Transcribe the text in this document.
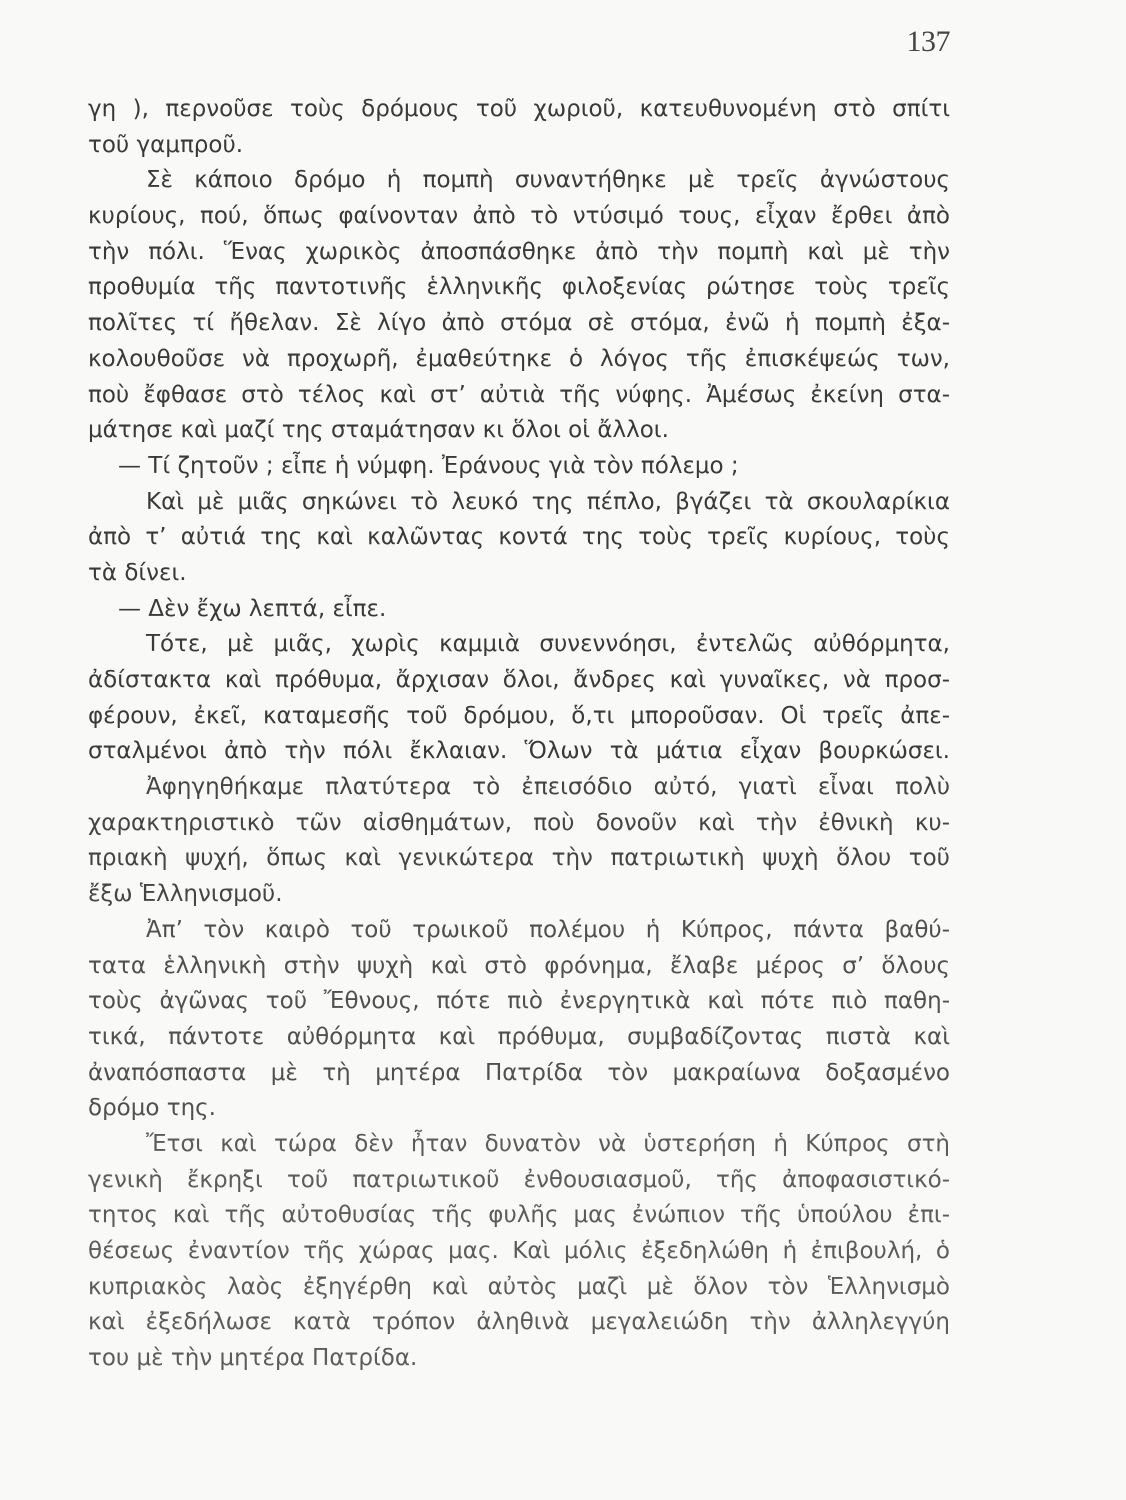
137
γη ), περνοῦσε τοὺς δρόμους τοῦ χωριοῦ, κατευθυνομένη στὸ σπίτι
τοῦ γαμπροῦ.
Σὲ κάποιο δρόμο ἡ πομπὴ συναντήθηκε μὲ τρεῖς ἀγνώστους
κυρίους, πού, ὅπως φαίνονταν ἀπὸ τὸ ντύσιμό τους, εἶχαν ἔρθει ἀπὸ
τὴν πόλι. Ἕνας χωρικὸς ἀποσπάσθηκε ἀπὸ τὴν πομπὴ καὶ μὲ τὴν
προθυμία τῆς παντοτινῆς ἑλληνικῆς φιλοξενίας ρώτησε τοὺς τρεῖς
πολῖτες τί ἤθελαν. Σὲ λίγο ἀπὸ στόμα σὲ στόμα, ἐνῶ ἡ πομπὴ ἐξα-
κολουθοῦσε νὰ προχωρῆ, ἐμαθεύτηκε ὁ λόγος τῆς ἐπισκέψεώς των,
ποὺ ἔφθασε στὸ τέλος καὶ στ’ αὐτιὰ τῆς νύφης. Ἀμέσως ἐκείνη στα-
μάτησε καὶ μαζί της σταμάτησαν κι ὅλοι οἱ ἄλλοι.
— Τί ζητοῦν ; εἶπε ἡ νύμφη. Ἐράνους γιὰ τὸν πόλεμο ;
Καὶ μὲ μιᾶς σηκώνει τὸ λευκό της πέπλο, βγάζει τὰ σκουλαρίκια
ἀπὸ τ’ αὐτιά της καὶ καλῶντας κοντά της τοὺς τρεῖς κυρίους, τοὺς
τὰ δίνει.
— Δὲν ἔχω λεπτά, εἶπε.
Τότε, μὲ μιᾶς, χωρὶς καμμιὰ συνεννόησι, ἐντελῶς αὐθόρμητα,
ἀδίστακτα καὶ πρόθυμα, ἄρχισαν ὅλοι, ἄνδρες καὶ γυναῖκες, νὰ προσ-
φέρουν, ἐκεῖ, καταμεσῆς τοῦ δρόμου, ὅ,τι μποροῦσαν. Οἱ τρεῖς ἀπε-
σταλμένοι ἀπὸ τὴν πόλι ἔκλαιαν. Ὅλων τὰ μάτια εἶχαν βουρκώσει.
Ἀφηγηθήκαμε πλατύτερα τὸ ἐπεισόδιο αὐτό, γιατὶ εἶναι πολὺ
χαρακτηριστικὸ τῶν αἰσθημάτων, ποὺ δονοῦν καὶ τὴν ἐθνικὴ κυ-
πριακὴ ψυχή, ὅπως καὶ γενικώτερα τὴν πατριωτικὴ ψυχὴ ὅλου τοῦ
ἔξω Ἑλληνισμοῦ.
Ἀπ’ τὸν καιρὸ τοῦ τρωικοῦ πολέμου ἡ Κύπρος, πάντα βαθύ-
τατα ἑλληνικὴ στὴν ψυχὴ καὶ στὸ φρόνημα, ἔλαβε μέρος σ’ ὅλους
τοὺς ἀγῶνας τοῦ Ἔθνους, πότε πιὸ ἐνεργητικὰ καὶ πότε πιὸ παθη-
τικά, πάντοτε αὐθόρμητα καὶ πρόθυμα, συμβαδίζοντας πιστὰ καὶ
ἀναπόσπαστα μὲ τὴ μητέρα Πατρίδα τὸν μακραίωνα δοξασμένο
δρόμο της.
Ἔτσι καὶ τώρα δὲν ἦταν δυνατὸν νὰ ὑστερήση ἡ Κύπρος στὴ
γενικὴ ἔκρηξι τοῦ πατριωτικοῦ ἐνθουσιασμοῦ, τῆς ἀποφασιστικό-
τητος καὶ τῆς αὐτοθυσίας τῆς φυλῆς μας ἐνώπιον τῆς ὑπούλου ἐπι-
θέσεως ἐναντίον τῆς χώρας μας. Καὶ μόλις ἐξεδηλώθη ἡ ἐπιβουλή, ὁ
κυπριακὸς λαὸς ἐξηγέρθη καὶ αὐτὸς μαζὶ μὲ ὅλον τὸν Ἑλληνισμὸ
καὶ ἐξεδήλωσε κατὰ τρόπον ἀληθινὰ μεγαλειώδη τὴν ἀλληλεγγύη
του μὲ τὴν μητέρα Πατρίδα.
